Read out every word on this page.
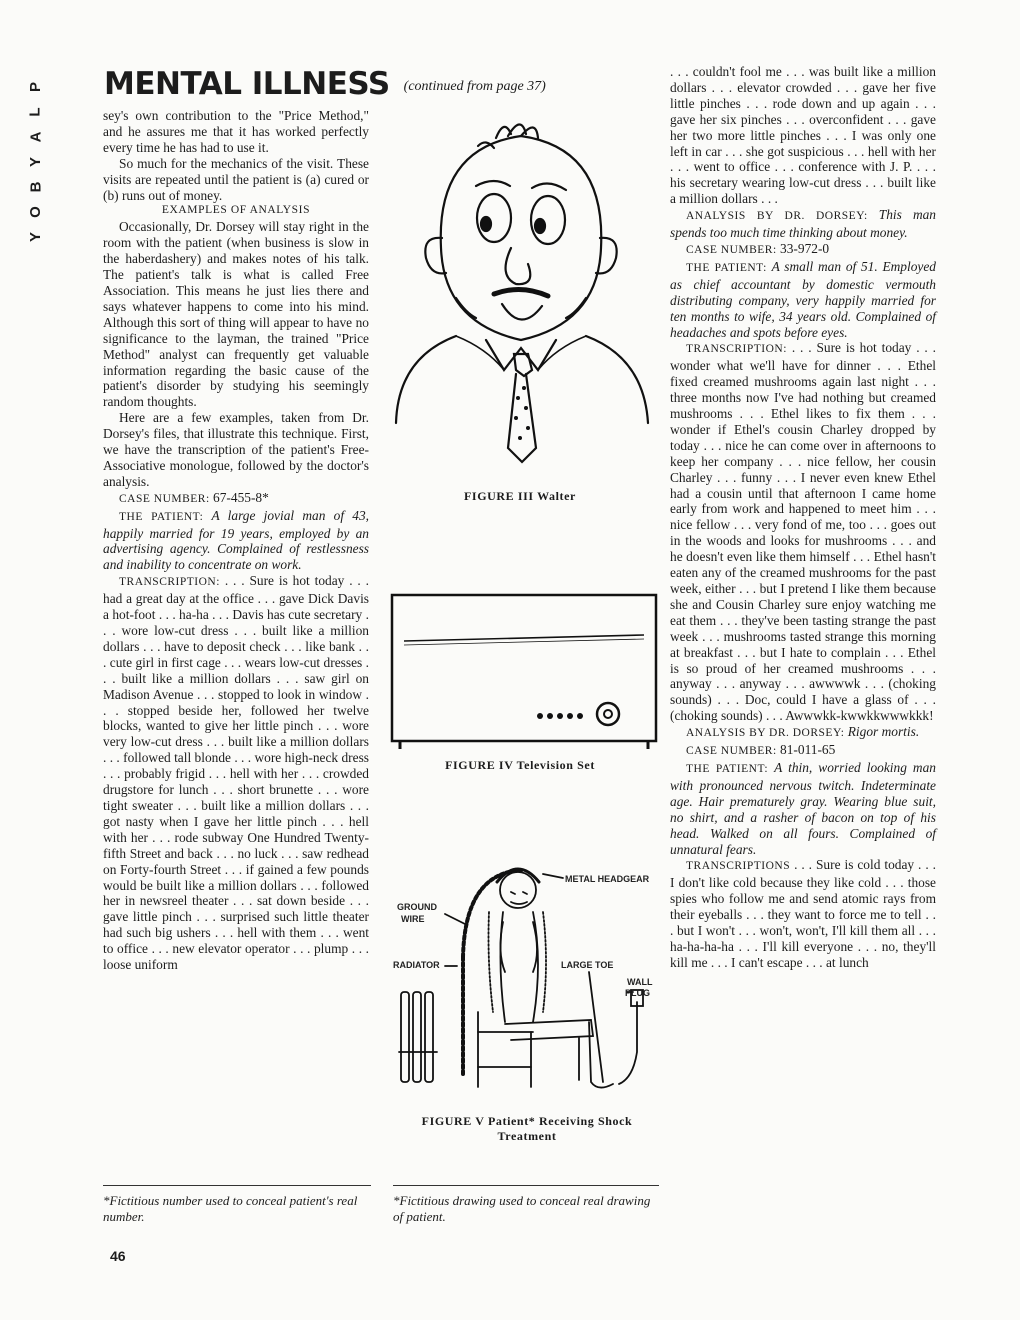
P
L
A
Y
B
O
Y
MENTAL ILLNESS (continued from page 37)

sey's own contribution to the "Price Method," and he assures me that it has worked perfectly every time he has had to use it.

So much for the mechanics of the visit. These visits are repeated until the patient is (a) cured or (b) runs out of money.

EXAMPLES OF ANALYSIS

Occasionally, Dr. Dorsey will stay right in the room with the patient (when business is slow in the haberdashery) and makes notes of his talk. The patient's talk is what is called Free Association. This means he just lies there and says whatever happens to come into his mind. Although this sort of thing will appear to have no significance to the layman, the trained "Price Method" analyst can frequently get valuable information regarding the basic cause of the patient's disorder by studying his seemingly random thoughts.

Here are a few examples, taken from Dr. Dorsey's files, that illustrate this technique. First, we have the transcription of the patient's Free-Associative monologue, followed by the doctor's analysis.

CASE NUMBER: 67-455-8*

THE PATIENT: A large jovial man of 43, happily married for 19 years, employed by an advertising agency. Complained of restlessness and inability to concentrate on work.

TRANSCRIPTION: . . . Sure is hot today . . . had a great day at the office . . . gave Dick Davis a hot-foot . . . ha-ha . . . Davis has cute secretary . . . wore low-cut dress . . . built like a million dollars . . . have to deposit check . . . like bank . . . cute girl in first cage . . . wears low-cut dresses . . . built like a million dollars . . . saw girl on Madison Avenue . . . stopped to look in window . . . stopped beside her, followed her twelve blocks, wanted to give her little pinch . . . wore very low-cut dress . . . built like a million dollars . . . followed tall blonde . . . wore high-neck dress . . . probably frigid . . . hell with her . . . crowded drugstore for lunch . . . short brunette . . . wore tight sweater . . . built like a million dollars . . . got nasty when I gave her little pinch . . . hell with her . . . rode subway One Hundred Twenty-fifth Street and back . . . no luck . . . saw redhead on Forty-fourth Street . . . if gained a few pounds would be built like a million dollars . . . followed her in newsreel theater . . . sat down beside . . . gave little pinch . . . surprised such little theater had such big ushers . . . hell with them . . . went to office . . . new elevator operator . . . plump . . . loose uniform

. . . couldn't fool me . . . was built like a million dollars . . . elevator crowded . . . gave her five little pinches . . . rode down and up again . . . gave her six pinches . . . overconfident . . . gave her two more little pinches . . . I was only one left in car . . . she got suspicious . . . hell with her . . . went to office . . . conference with J. P. . . . his secretary wearing low-cut dress . . . built like a million dollars . . .

ANALYSIS BY DR. DORSEY: This man spends too much time thinking about money.

CASE NUMBER: 33-972-0

THE PATIENT: A small man of 51. Employed as chief accountant by domestic vermouth distributing company, very happily married for ten months to wife, 34 years old. Complained of headaches and spots before eyes.

TRANSCRIPTION: . . . Sure is hot today . . . wonder what we'll have for dinner . . . Ethel fixed creamed mushrooms again last night . . . three months now I've had nothing but creamed mushrooms . . . Ethel likes to fix them . . . wonder if Ethel's cousin Charley dropped by today . . . nice he can come over in afternoons to keep her company . . . nice fellow, her cousin Charley . . . funny . . . I never even knew Ethel had a cousin until that afternoon I came home early from work and happened to meet him . . . nice fellow . . . very fond of me, too . . . goes out in the woods and looks for mushrooms . . . and he doesn't even like them himself . . . Ethel hasn't eaten any of the creamed mushrooms for the past week, either . . . but I pretend I like them because she and Cousin Charley sure enjoy watching me eat them . . . they've been tasting strange the past week . . . mushrooms tasted strange this morning at breakfast . . . but I hate to complain . . . Ethel is so proud of her creamed mushrooms . . . anyway . . . anyway . . . awwwwk . . . (choking sounds) . . . Doc, could I have a glass of . . . (choking sounds) . . . Awwwkk-kwwkkwwwkkk!

ANALYSIS BY DR. DORSEY: Rigor mortis.

CASE NUMBER: 81-011-65

THE PATIENT: A thin, worried looking man with pronounced nervous twitch. Indeterminate age. Hair prematurely gray. Wearing blue suit, no shirt, and a rasher of bacon on top of his head. Walked on all fours. Complained of unnatural fears.

TRANSCRIPTIONS . . . Sure is cold today . . . I don't like cold because they like cold . . . those spies who follow me and send atomic rays from their eyeballs . . . they want to force me to tell . . . but I won't . . . won't, won't, I'll kill them all . . . ha-ha-ha-ha . . . I'll kill everyone . . . no, they'll kill me . . . I can't escape . . . at lunch

FIGURE III Walter
FIGURE IV Television Set
METAL HEADGEAR
GROUND
WIRE
RADIATOR	LARGE TOE
WALL
PLUG
FIGURE V Patient* Receiving Shock Treatment
*Fictitious number used to conceal patient's real number.
*Fictitious drawing used to conceal real drawing of patient.
46
